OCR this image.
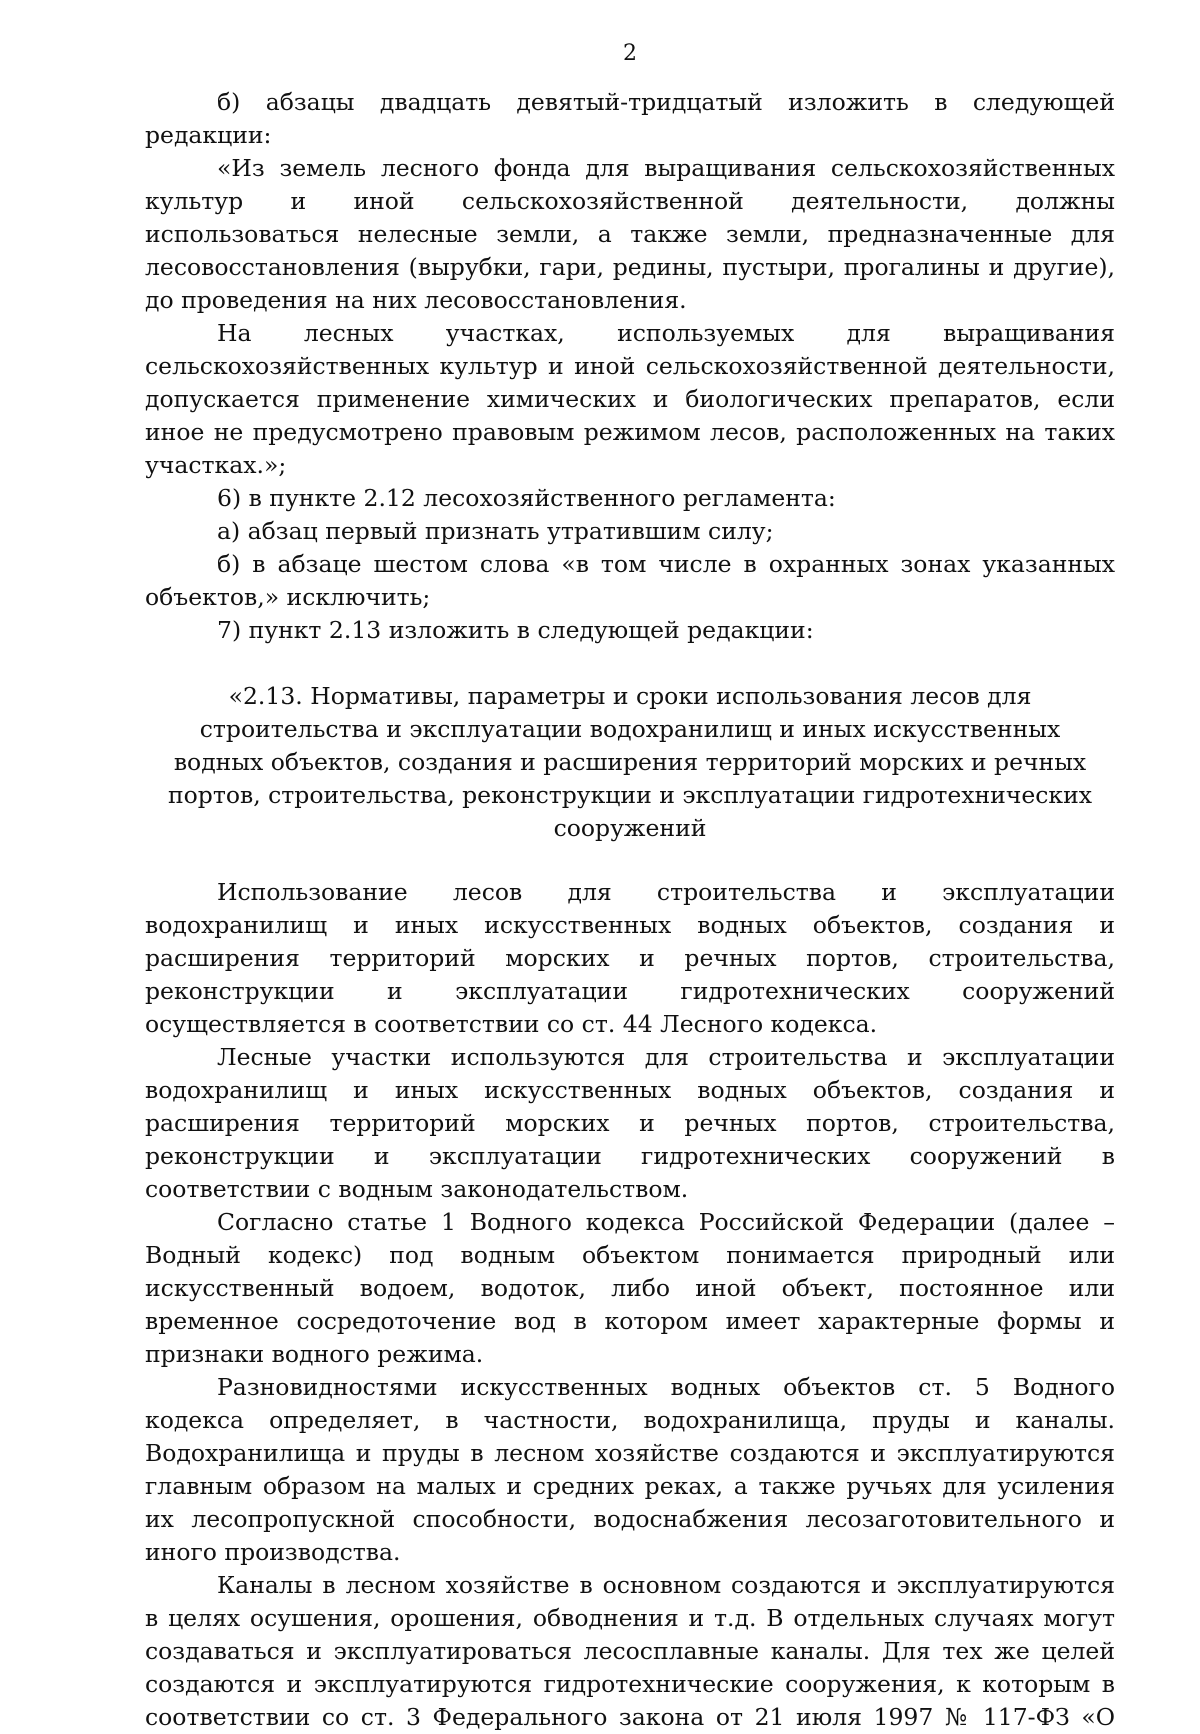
2

б) абзацы двадцать девятый-тридцатый изложить в следующей редакции:

«Из земель лесного фонда для выращивания сельскохозяйственных культур и иной сельскохозяйственной деятельности, должны использоваться нелесные земли, а также земли, предназначенные для лесовосстановления (вырубки, гари, редины, пустыри, прогалины и другие), до проведения на них лесовосстановления.

На лесных участках, используемых для выращивания сельскохозяйственных культур и иной сельскохозяйственной деятельности, допускается применение химических и биологических препаратов, если иное не предусмотрено правовым режимом лесов, расположенных на таких участках.»;

6) в пункте 2.12 лесохозяйственного регламента:

а) абзац первый признать утратившим силу;

б) в абзаце шестом слова «в том числе в охранных зонах указанных объектов,» исключить;

7) пункт 2.13 изложить в следующей редакции:

«2.13. Нормативы, параметры и сроки использования лесов для строительства и эксплуатации водохранилищ и иных искусственных водных объектов, создания и расширения территорий морских и речных портов, строительства, реконструкции и эксплуатации гидротехнических сооружений

Использование лесов для строительства и эксплуатации водохранилищ и иных искусственных водных объектов, создания и расширения территорий морских и речных портов, строительства, реконструкции и эксплуатации гидротехнических сооружений осуществляется в соответствии со ст. 44 Лесного кодекса.

Лесные участки используются для строительства и эксплуатации водохранилищ и иных искусственных водных объектов, создания и расширения территорий морских и речных портов, строительства, реконструкции и эксплуатации гидротехнических сооружений в соответствии с водным законодательством.

Согласно статье 1 Водного кодекса Российской Федерации (далее – Водный кодекс) под водным объектом понимается природный или искусственный водоем, водоток, либо иной объект, постоянное или временное сосредоточение вод в котором имеет характерные формы и признаки водного режима.

Разновидностями искусственных водных объектов ст. 5 Водного кодекса определяет, в частности, водохранилища, пруды и каналы. Водохранилища и пруды в лесном хозяйстве создаются и эксплуатируются главным образом на малых и средних реках, а также ручьях для усиления их лесопропускной способности, водоснабжения лесозаготовительного и иного производства.

Каналы в лесном хозяйстве в основном создаются и эксплуатируются в целях осушения, орошения, обводнения и т.д. В отдельных случаях могут создаваться и эксплуатироваться лесосплавные каналы. Для тех же целей создаются и эксплуатируются гидротехнические сооружения, к которым в соответствии со ст. 3 Федерального закона от 21 июля 1997 № 117-ФЗ «О
